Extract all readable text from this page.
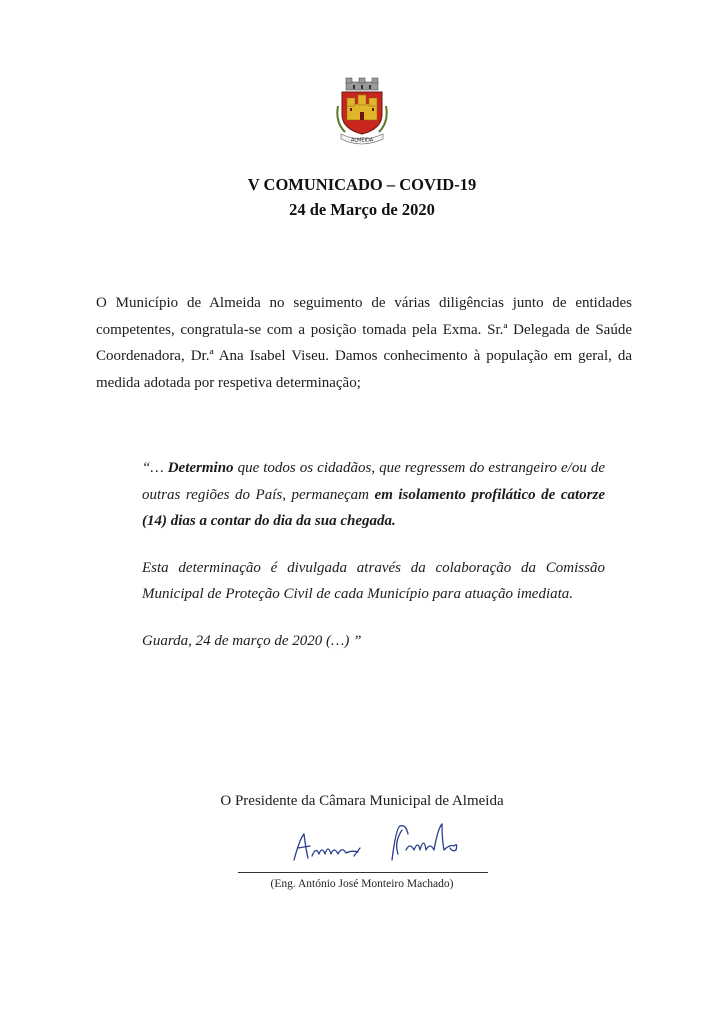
ALMEIDA
V COMUNICADO – COVID-19
24 de Março de 2020
O Município de Almeida no seguimento de várias diligências junto de entidades competentes, congratula-se com a posição tomada pela Exma. Sr.ª Delegada de Saúde Coordenadora, Dr.ª Ana Isabel Viseu. Damos conhecimento à população em geral, da medida adotada por respetiva determinação;

“… Determino que todos os cidadãos, que regressem do estrangeiro e/ou de outras regiões do País, permaneçam em isolamento profilático de catorze (14) dias a contar do dia da sua chegada.

Esta determinação é divulgada através da colaboração da Comissão Municipal de Proteção Civil de cada Município para atuação imediata.

Guarda, 24 de março de 2020 (…) ”

O Presidente da Câmara Municipal de Almeida
(Eng. António José Monteiro Machado)
